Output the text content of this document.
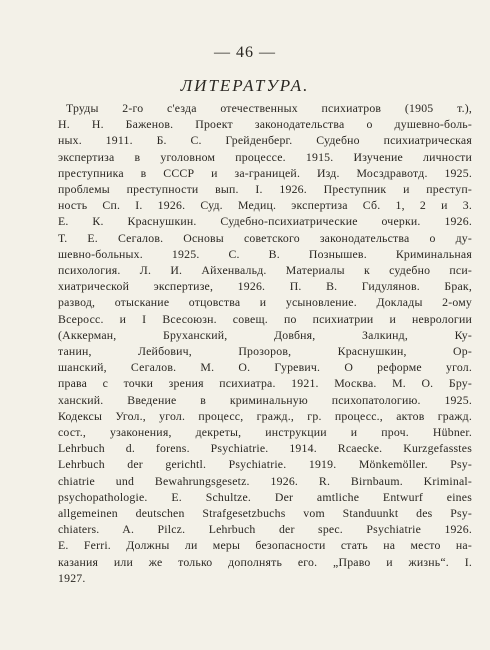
— 46 —
ЛИТЕРАТУРА.
Труды 2-го с'езда отечественных психиатров (1905 т.),
Н. Н. Баженов. Проект законодательства о душевно-боль-
ных. 1911. Б. С. Грейденберг. Судебно психиатрическая
экспертиза в уголовном процессе. 1915. Изучение личности
преступника в СССР и за-границей. Изд. Мосздравотд. 1925.
проблемы преступности вып. I. 1926. Преступник и преступ-
ность Сп. I. 1926. Суд. Медиц. экспертиза Сб. 1, 2 и 3.
Е. К. Краснушкин. Судебно-психиатрические очерки. 1926.
Т. Е. Сегалов. Основы советского законодательства о ду-
шевно-больных. 1925. С. В. Познышев. Криминальная
психология. Л. И. Айхенвальд. Материалы к судебно пси-
хиатрической экспертизе, 1926. П. В. Гидулянов. Брак,
развод, отыскание отцовства и усыновление. Доклады 2-ому
Всеросс. и I Всесоюзн. совещ. по психиатрии и неврологии
(Аккерман, Бруханский, Довбня, Залкинд, Ку-
танин, Лейбович, Прозоров, Краснушкин, Ор-
шанский, Сегалов. М. О. Гуревич. О реформе угол.
права с точки зрения психиатра. 1921. Москва. М. О. Бру-
ханский. Введение в криминальную психопатологию. 1925.
Кодексы Угол., угол. процесс, гражд., гр. процесс., актов гражд.
сост., узаконения, декреты, инструкции и проч. Hübner.
Lehrbuch d. forens. Psychiatrie. 1914. Rcaecke. Kurzgefasstes
Lehrbuch der gerichtl. Psychiatrie. 1919. Mönkemöller. Psy-
chiatrie und Bewahrungsgesetz. 1926. R. Birnbaum. Kriminal-
psychopathologie. E. Schultze. Der amtliche Entwurf eines
allgemeinen deutschen Strafgesetzbuchs vom Standuunkt des Psy-
chiaters. A. Pilcz. Lehrbuch der spec. Psychiatrie 1926.
E. Ferri. Должны ли меры безопасности стать на место на-
казания или же только дополнять его. „Право и жизнь“. I.
1927.
